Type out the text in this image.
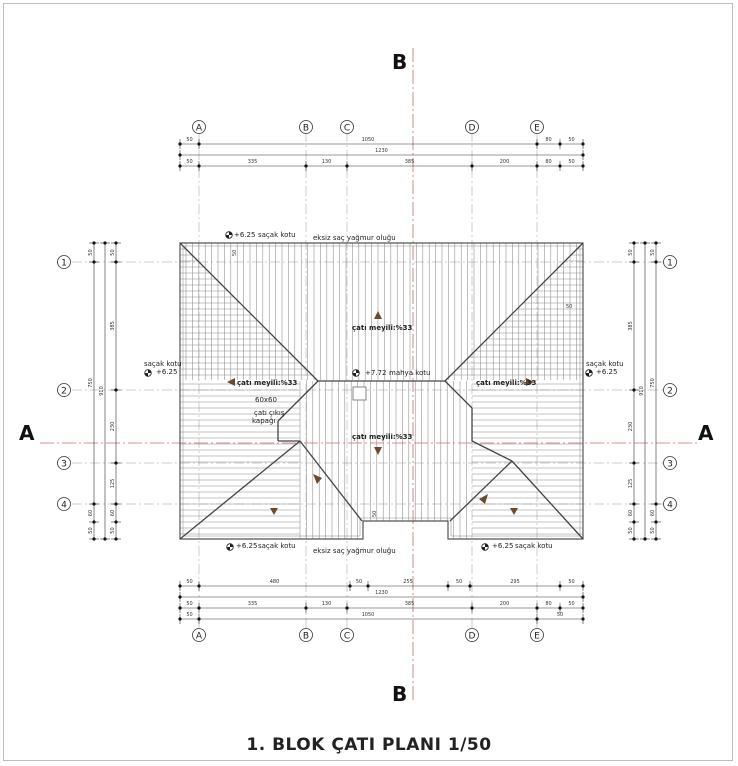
+6.25 saçak kotu eksiz saç yağmur oluğu
saçak kotu
+6.25
saçak kotu
+6.25
çatı meyili:%33
çatı meyili:%33
çatı meyili:%33	çatı meyili:%33
+7.72 mahya kotu
60x60
çatı çıkış
kapağı
+6.25 saçak kotu
eksiz saç yağmur oluğu
+6.25 saçak kotu
50
50
50
A
A
B
B
C
C
D
D
E
E
1	1
2	2
3	3
4	4
50	1050	80	50
1230
50	335	130	385	200	80	50
50	480	50	255	50	295	50
1230
50	335	130	385	200	80	50
50	1050	50
50
750
60
50
910
50
385
230
125
60
50
50
385
230
125
60
50
910
50
750
60
50
B
B
A	A
1. BLOK ÇATI PLANI 1/50
